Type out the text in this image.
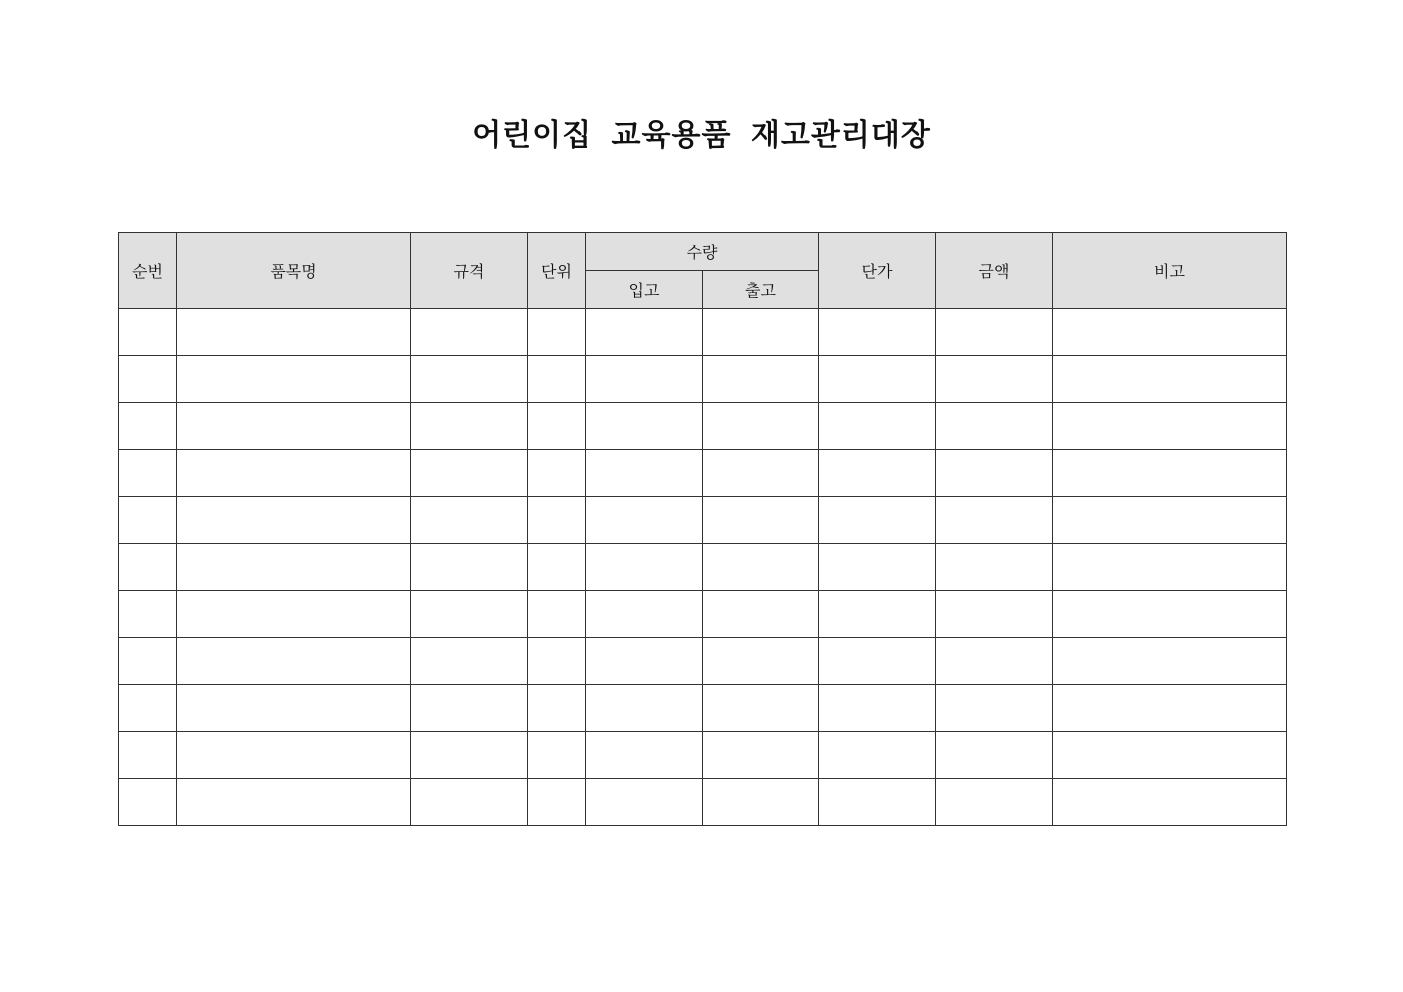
어린이집 교육용품 재고관리대장
순번	품목명	규격	단위	수량		단가	금액	비고
				입고	출고			
